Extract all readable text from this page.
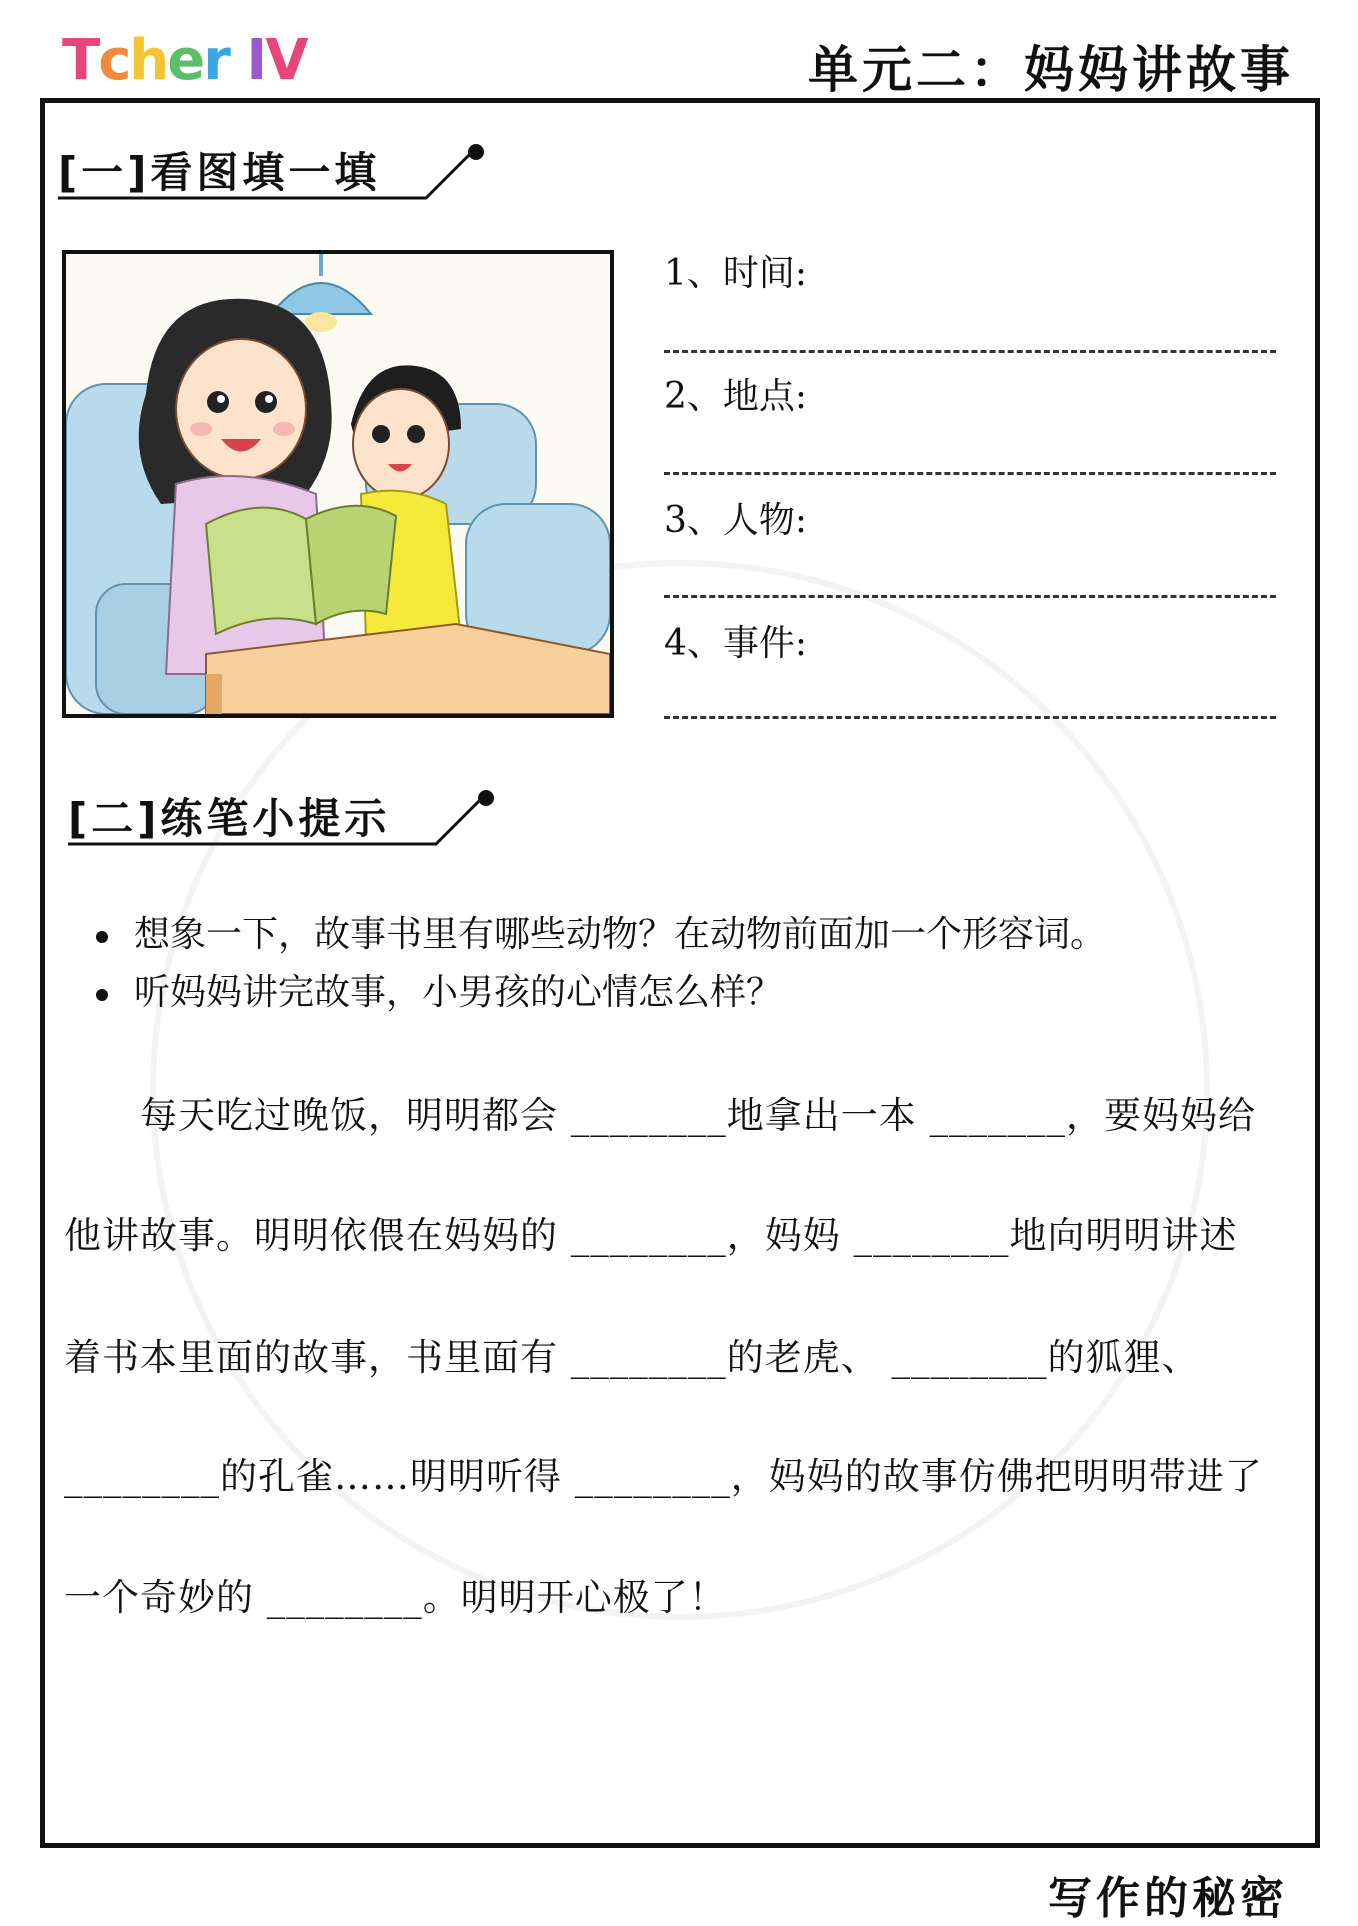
Tcher IV	单元二：妈妈讲故事
[一]看图填一填
1、时间:
2、地点:
3、人物:
4、事件:
[二]练笔小提示
想象一下，故事书里有哪些动物？在动物前面加一个形容词。
听妈妈讲完故事，小男孩的心情怎么样？
　　每天吃过晚饭，明明都会 ________地拿出一本 _______，要妈妈给
他讲故事。明明依偎在妈妈的 ________，妈妈 ________地向明明讲述
着书本里面的故事，书里面有 ________的老虎、 ________的狐狸、
________的孔雀……明明听得 ________，妈妈的故事仿佛把明明带进了
一个奇妙的 ________。明明开心极了！
写作的秘密
